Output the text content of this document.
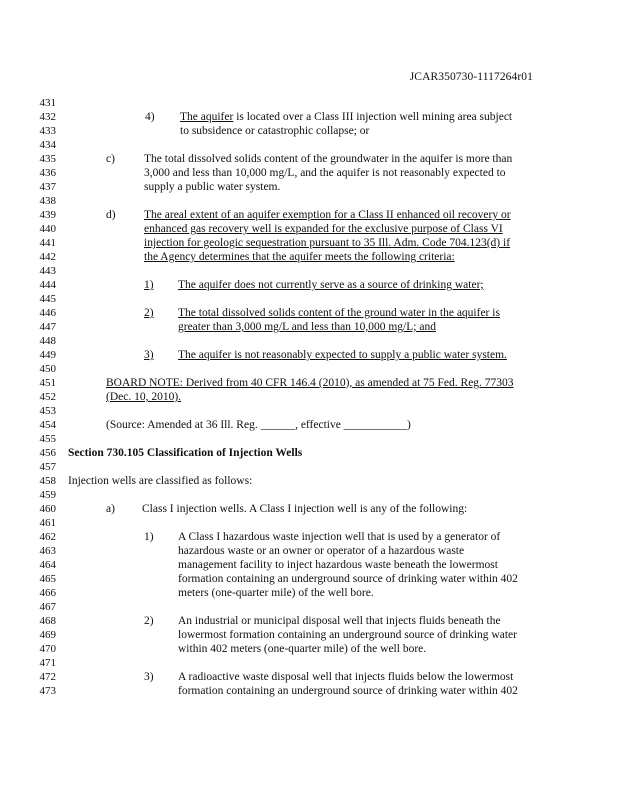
JCAR350730-1117264r01
431
432
433
434
435
436
437
438
439
440
441
442
443
444
445
446
447
448
449
450
451
452
453
454
455
456
457
458
459
460
461
462
463
464
465
466
467
468
469
470
471
472
473
4) The aquifer is located over a Class III injection well mining area subject
to subsidence or catastrophic collapse; or
c)	The total dissolved solids content of the groundwater in the aquifer is more than
3,000 and less than 10,000 mg/L, and the aquifer is not reasonably expected to
supply a public water system.
d) The areal extent of an aquifer exemption for a Class II enhanced oil recovery or
enhanced gas recovery well is expanded for the exclusive purpose of Class VI
injection for geologic sequestration pursuant to 35 Ill. Adm. Code 704.123(d) if
the Agency determines that the aquifer meets the following criteria:
1) The aquifer does not currently serve as a source of drinking water;
2) The total dissolved solids content of the ground water in the aquifer is
greater than 3,000 mg/L and less than 10,000 mg/L; and
3) The aquifer is not reasonably expected to supply a public water system.
BOARD NOTE: Derived from 40 CFR 146.4 (2010), as amended at 75 Fed. Reg. 77303
(Dec. 10, 2010).
(Source: Amended at 36 Ill. Reg. ______, effective ___________)
Section 730.105 Classification of Injection Wells
Injection wells are classified as follows:
a) Class I injection wells. A Class I injection well is any of the following:
1) A Class I hazardous waste injection well that is used by a generator of
hazardous waste or an owner or operator of a hazardous waste
management facility to inject hazardous waste beneath the lowermost
formation containing an underground source of drinking water within 402
meters (one-quarter mile) of the well bore.
2) An industrial or municipal disposal well that injects fluids beneath the
lowermost formation containing an underground source of drinking water
within 402 meters (one-quarter mile) of the well bore.
3) A radioactive waste disposal well that injects fluids below the lowermost
formation containing an underground source of drinking water within 402
